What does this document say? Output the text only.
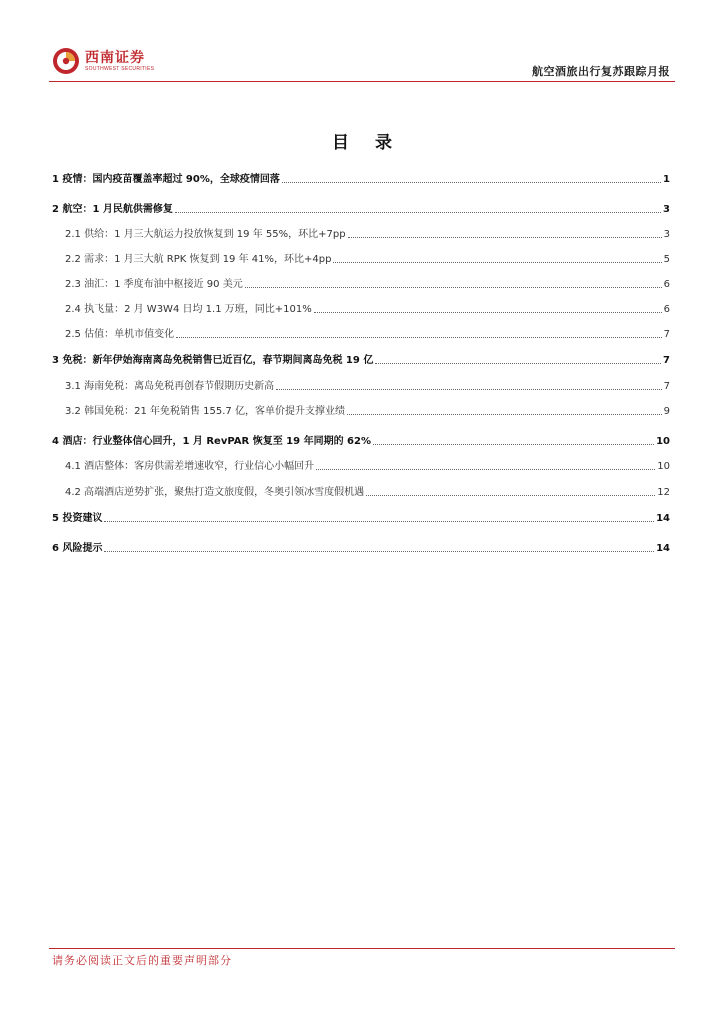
西南证券
SOUTHWEST SECURITIES	航空酒旅出行复苏跟踪月报
目 录
1 疫情：国内疫苗覆盖率超过 90%，全球疫情回落	1
2 航空：1 月民航供需修复	3
2.1 供给：1 月三大航运力投放恢复到 19 年 55%，环比+7pp	3
2.2 需求：1 月三大航 RPK 恢复到 19 年 41%，环比+4pp	5
2.3 油汇：1 季度布油中枢接近 90 美元	6
2.4 执飞量：2 月 W3W4 日均 1.1 万班，同比+101%	6
2.5 估值：单机市值变化	7
3 免税：新年伊始海南离岛免税销售已近百亿，春节期间离岛免税 19 亿	7
3.1 海南免税：离岛免税再创春节假期历史新高	7
3.2 韩国免税：21 年免税销售 155.7 亿，客单价提升支撑业绩	9
4 酒店：行业整体信心回升，1 月 RevPAR 恢复至 19 年同期的 62%	10
4.1 酒店整体：客房供需差增速收窄，行业信心小幅回升	10
4.2 高端酒店逆势扩张，聚焦打造文旅度假，冬奥引领冰雪度假机遇	12
5 投资建议	14
6 风险提示	14
请务必阅读正文后的重要声明部分
